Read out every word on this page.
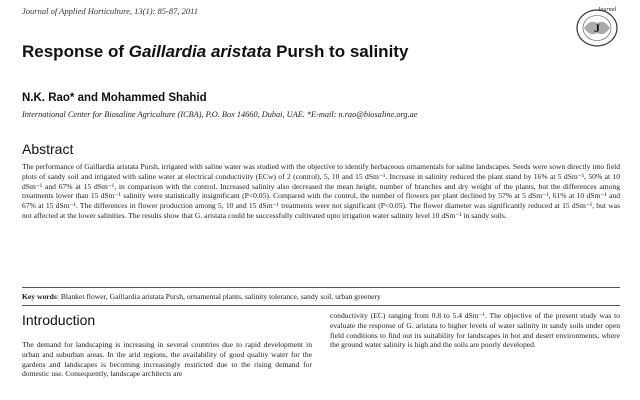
Journal of Applied Horticulture, 13(1): 85-87, 2011
J
Journal
Response of Gaillardia aristata Pursh to salinity
N.K. Rao* and Mohammed Shahid
International Center for Biosaline Agriculture (ICBA), P.O. Box 14660, Dubai, UAE. *E-mail: n.rao@biosaline.org.ae
Abstract
The performance of Gaillardia aristata Pursh, irrigated with saline water was studied with the objective to identify herbaceous ornamentals for saline landscapes. Seeds were sown directly into field plots of sandy soil and irrigated with saline water at electrical conductivity (ECw) of 2 (control), 5, 10 and 15 dSm⁻¹. Increase in salinity reduced the plant stand by 16% at 5 dSm⁻¹, 50% at 10 dSm⁻¹ and 67% at 15 dSm⁻¹, in comparison with the control. Increased salinity also decreased the mean height, number of branches and dry weight of the plants, but the differences among treatments lower than 15 dSm⁻¹ salinity were statistically insignificant (P<0.05). Compared with the control, the number of flowers per plant declined by 57% at 5 dSm⁻¹, 61% at 10 dSm⁻¹ and 67% at 15 dSm⁻¹. The differences in flower production among 5, 10 and 15 dSm⁻¹ treatments were not significant (P<0.05). The flower diameter was significantly reduced at 15 dSm⁻¹, but was not affected at the lower salinities. The results show that G. aristata could be successfully cultivated upto irrigation water salinity level 10 dSm⁻¹ in sandy soils.
Key words: Blanket flower, Gaillardia aristata Pursh, ornamental plants, salinity tolerance, sandy soil, urban greenery
Introduction
The demand for landscaping is increasing in several countries due to rapid development in urban and suburban areas. In the arid regions, the availability of good quality water for the gardens and landscapes is becoming increasingly restricted due to the rising demand for domestic use. Consequently, landscape architects are
conductivity (EC) ranging from 0.8 to 5.4 dSm⁻¹. The objective of the present study was to evaluate the response of G. aristata to higher levels of water salinity in sandy soils under open field conditions to find out its suitability for landscapes in hot and desert environments, where the ground water salinity is high and the soils are poorly developed.
